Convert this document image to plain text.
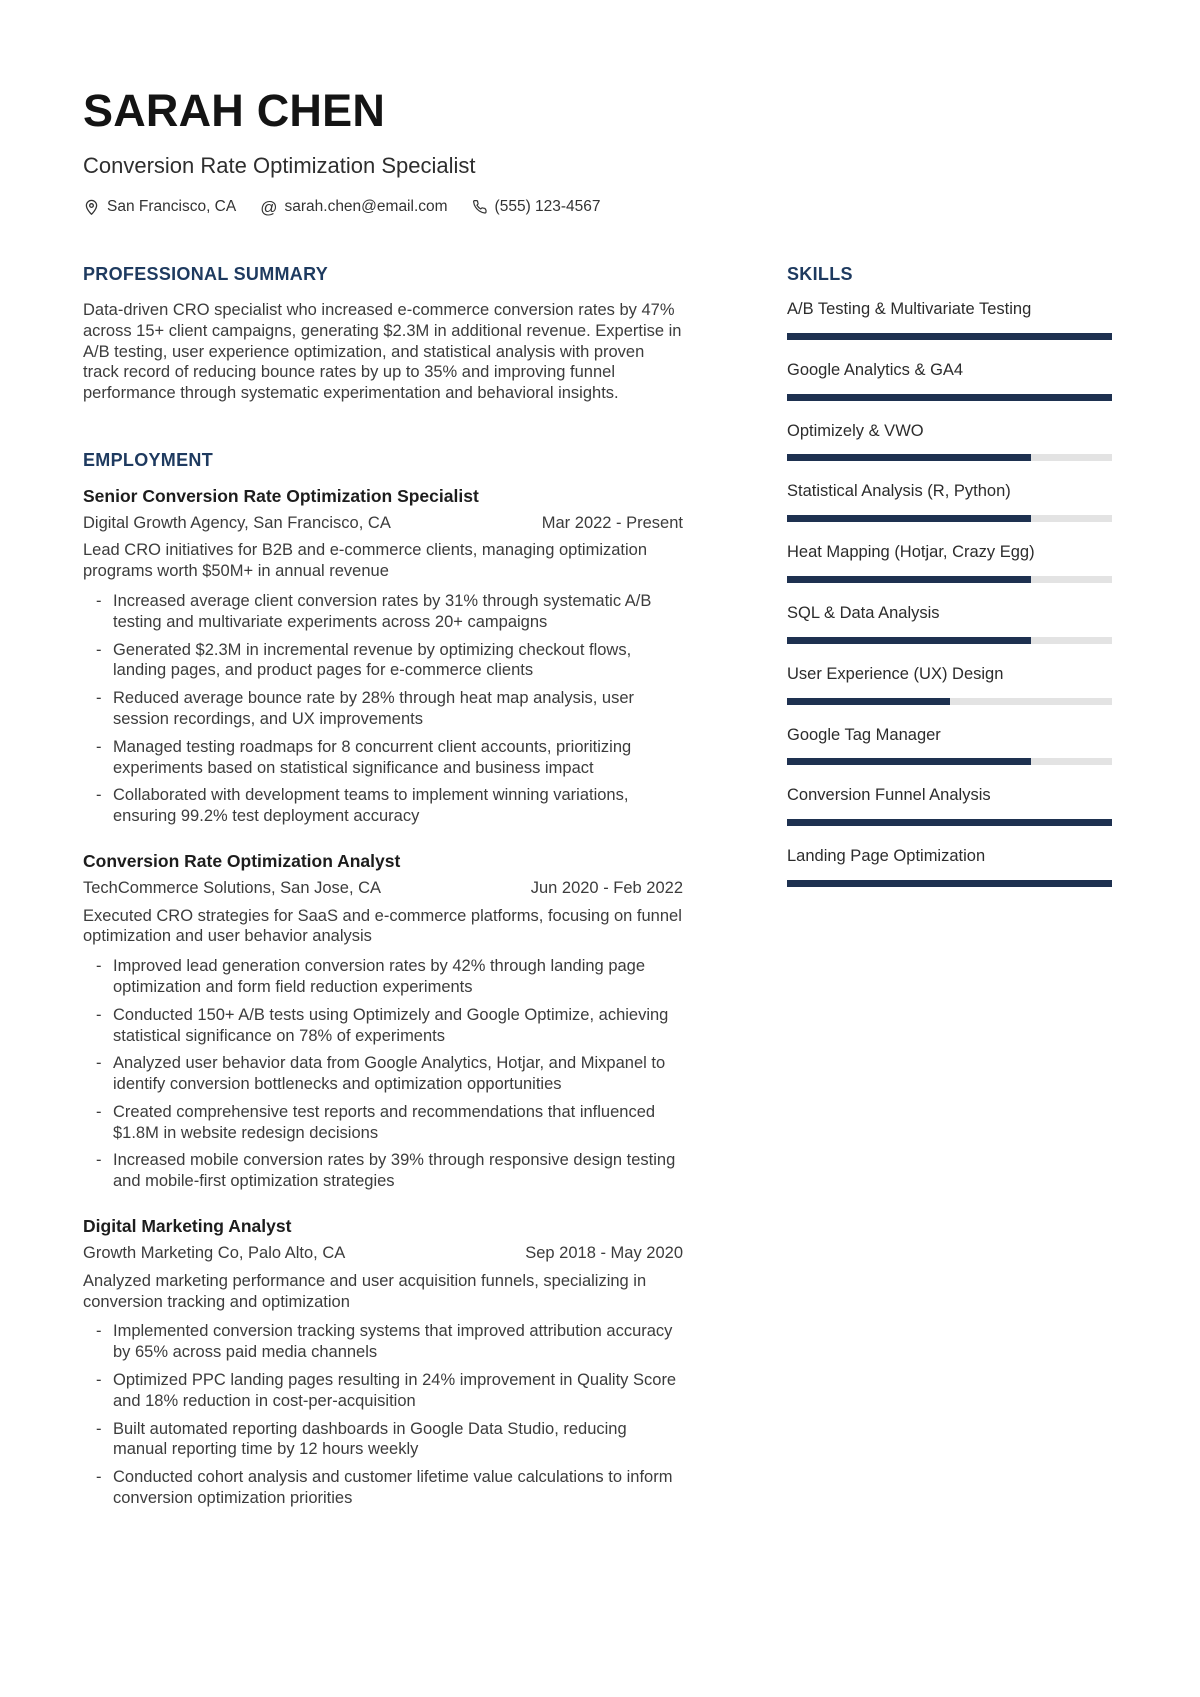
SARAH CHEN
Conversion Rate Optimization Specialist
San Francisco, CA @ sarah.chen@email.com	(555) 123-4567
PROFESSIONAL SUMMARY

Data-driven CRO specialist who increased e-commerce conversion rates by 47% across 15+ client campaigns, generating $2.3M in additional revenue. Expertise in A/B testing, user experience optimization, and statistical analysis with proven track record of reducing bounce rates by up to 35% and improving funnel performance through systematic experimentation and behavioral insights.

EMPLOYMENT
Senior Conversion Rate Optimization Specialist
Digital Growth Agency, San Francisco, CA	Mar 2022 - Present

Lead CRO initiatives for B2B and e-commerce clients, managing optimization programs worth $50M+ in annual revenue

- Increased average client conversion rates by 31% through systematic A/B testing and multivariate experiments across 20+ campaigns
- Generated $2.3M in incremental revenue by optimizing checkout flows, landing pages, and product pages for e-commerce clients
- Reduced average bounce rate by 28% through heat map analysis, user session recordings, and UX improvements
- Managed testing roadmaps for 8 concurrent client accounts, prioritizing experiments based on statistical significance and business impact
- Collaborated with development teams to implement winning variations, ensuring 99.2% test deployment accuracy
Conversion Rate Optimization Analyst
TechCommerce Solutions, San Jose, CA	Jun 2020 - Feb 2022

Executed CRO strategies for SaaS and e-commerce platforms, focusing on funnel optimization and user behavior analysis

- Improved lead generation conversion rates by 42% through landing page optimization and form field reduction experiments
- Conducted 150+ A/B tests using Optimizely and Google Optimize, achieving statistical significance on 78% of experiments
- Analyzed user behavior data from Google Analytics, Hotjar, and Mixpanel to identify conversion bottlenecks and optimization opportunities
- Created comprehensive test reports and recommendations that influenced $1.8M in website redesign decisions
- Increased mobile conversion rates by 39% through responsive design testing and mobile-first optimization strategies
Digital Marketing Analyst
Growth Marketing Co, Palo Alto, CA	Sep 2018 - May 2020

Analyzed marketing performance and user acquisition funnels, specializing in conversion tracking and optimization

- Implemented conversion tracking systems that improved attribution accuracy by 65% across paid media channels
- Optimized PPC landing pages resulting in 24% improvement in Quality Score and 18% reduction in cost-per-acquisition
- Built automated reporting dashboards in Google Data Studio, reducing manual reporting time by 12 hours weekly
- Conducted cohort analysis and customer lifetime value calculations to inform conversion optimization priorities
SKILLS
A/B Testing & Multivariate Testing
Google Analytics & GA4
Optimizely & VWO
Statistical Analysis (R, Python)
Heat Mapping (Hotjar, Crazy Egg)
SQL & Data Analysis
User Experience (UX) Design
Google Tag Manager
Conversion Funnel Analysis
Landing Page Optimization
